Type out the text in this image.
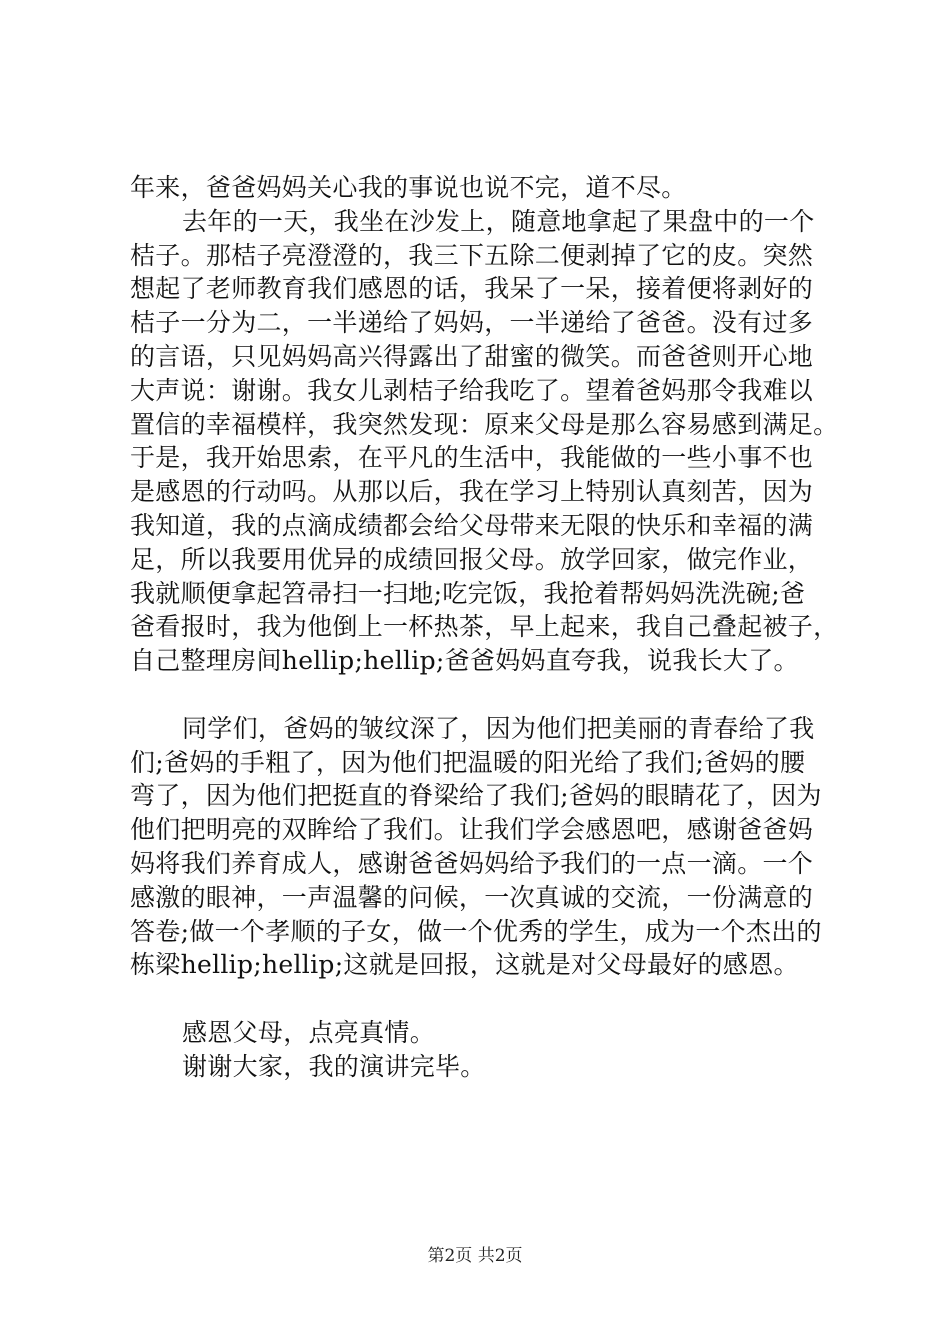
年来，爸爸妈妈关心我的事说也说不完，道不尽。
去年的一天，我坐在沙发上，随意地拿起了果盘中的一个
桔子。那桔子亮澄澄的，我三下五除二便剥掉了它的皮。突然
想起了老师教育我们感恩的话，我呆了一呆，接着便将剥好的
桔子一分为二，一半递给了妈妈，一半递给了爸爸。没有过多
的言语，只见妈妈高兴得露出了甜蜜的微笑。而爸爸则开心地
大声说：谢谢。我女儿剥桔子给我吃了。望着爸妈那令我难以
置信的幸福模样，我突然发现：原来父母是那么容易感到满足。
于是，我开始思索，在平凡的生活中，我能做的一些小事不也
是感恩的行动吗。从那以后，我在学习上特别认真刻苦，因为
我知道，我的点滴成绩都会给父母带来无限的快乐和幸福的满
足，所以我要用优异的成绩回报父母。放学回家，做完作业，
我就顺便拿起笤帚扫一扫地;吃完饭，我抢着帮妈妈洗洗碗;爸
爸看报时，我为他倒上一杯热茶，早上起来，我自己叠起被子，
自己整理房间hellip;hellip;爸爸妈妈直夸我，说我长大了。
同学们，爸妈的皱纹深了，因为他们把美丽的青春给了我
们;爸妈的手粗了，因为他们把温暖的阳光给了我们;爸妈的腰
弯了，因为他们把挺直的脊梁给了我们;爸妈的眼睛花了，因为
他们把明亮的双眸给了我们。让我们学会感恩吧，感谢爸爸妈
妈将我们养育成人，感谢爸爸妈妈给予我们的一点一滴。一个
感激的眼神，一声温馨的问候，一次真诚的交流，一份满意的
答卷;做一个孝顺的子女，做一个优秀的学生，成为一个杰出的
栋梁hellip;hellip;这就是回报，这就是对父母最好的感恩。
感恩父母，点亮真情。
谢谢大家，我的演讲完毕。
第2页 共2页
